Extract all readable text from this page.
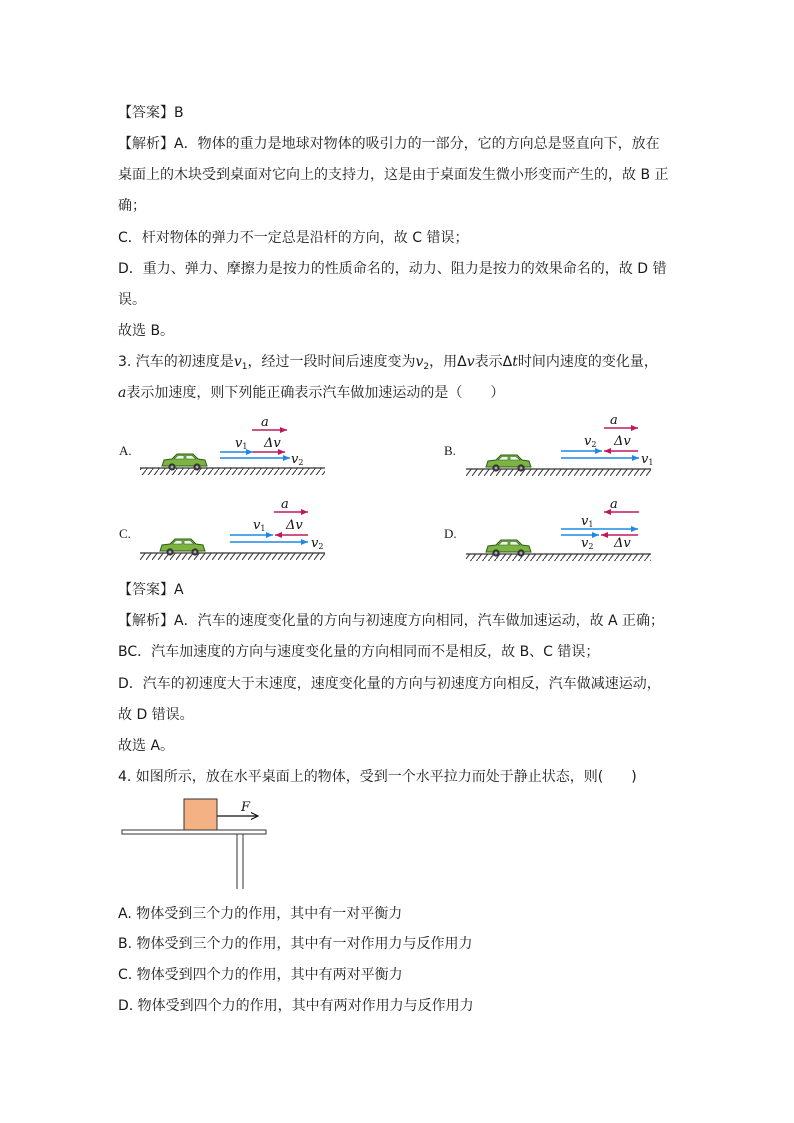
【答案】B
【解析】A．物体的重力是地球对物体的吸引力的一部分，它的方向总是竖直向下，放在
桌面上的木块受到桌面对它向上的支持力，这是由于桌面发生微小形变而产生的，故 B 正
确；
C．杆对物体的弹力不一定总是沿杆的方向，故 C 错误；
D．重力、弹力、摩擦力是按力的性质命名的，动力、阻力是按力的效果命名的，故 D 错
误。
故选 B。
3. 汽车的初速度是$v_1$，经过一段时间后速度变为$v_2$，用Δv表示Δt时间内速度的变化量，
a表示加速度，则下列能正确表示汽车做加速运动的是（　　）
A.	B.
C.	D.
a
Δv
v1
v2
a
v2 Δv
v1
a
v1 Δv
v2
a
v1
v2 Δv
【答案】A
【解析】A．汽车的速度变化量的方向与初速度方向相同，汽车做加速运动，故 A 正确；
BC．汽车加速度的方向与速度变化量的方向相同而不是相反，故 B、C 错误；
D．汽车的初速度大于末速度，速度变化量的方向与初速度方向相反，汽车做减速运动，
故 D 错误。
故选 A。
4. 如图所示，放在水平桌面上的物体，受到一个水平拉力而处于静止状态，则(　　)
F
A. 物体受到三个力的作用，其中有一对平衡力
B. 物体受到三个力的作用，其中有一对作用力与反作用力
C. 物体受到四个力的作用，其中有两对平衡力
D. 物体受到四个力的作用，其中有两对作用力与反作用力
